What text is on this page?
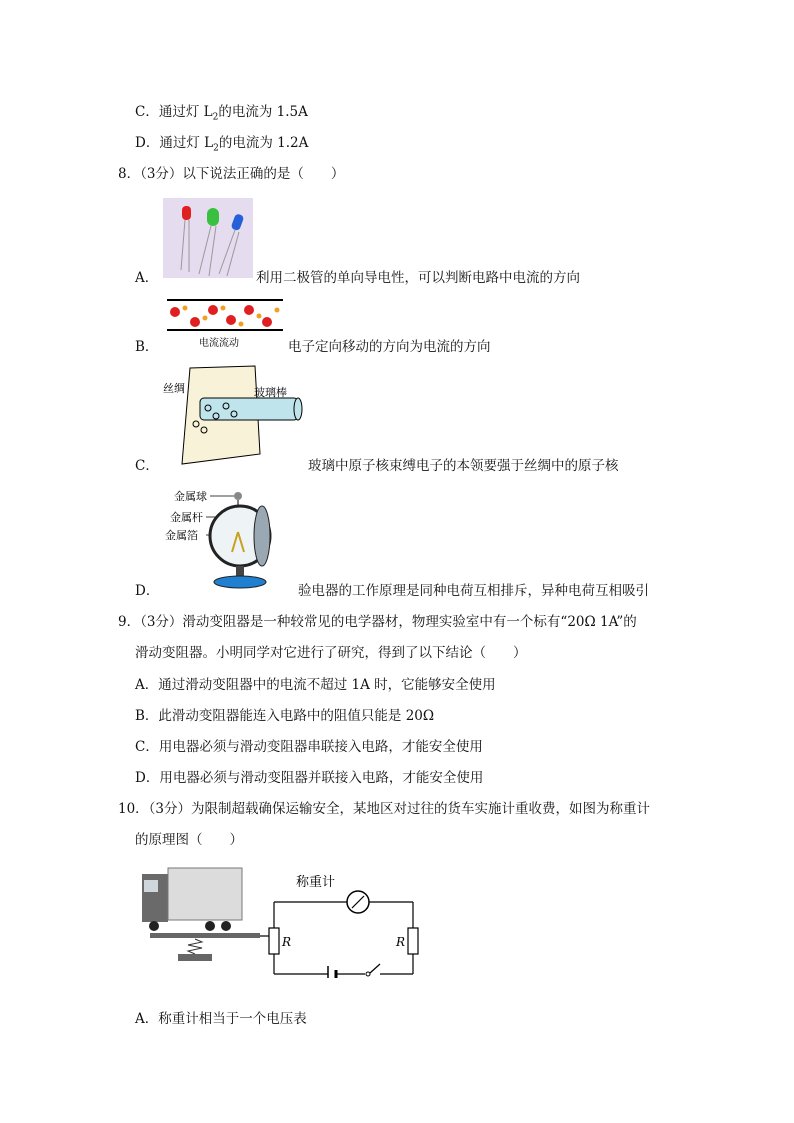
C．通过灯 $L_2$的电流为 1.5A
D．通过灯 $L_2$的电流为 1.2A
8．（3分）以下说法正确的是（　　）
A．	利用二极管的单向导电性，可以判断电路中电流的方向
B．	电流流动	电子定向移动的方向为电流的方向
C．
丝绸	玻璃棒
玻璃中原子核束缚电子的本领要强于丝绸中的原子核
D．
金属球
金属杆
金属箔
验电器的工作原理是同种电荷互相排斥，异种电荷互相吸引
9．（3分）滑动变阻器是一种较常见的电学器材，物理实验室中有一个标有“20Ω 1A”的
滑动变阻器。小明同学对它进行了研究，得到了以下结论（　　）
A．通过滑动变阻器中的电流不超过 1A 时，它能够安全使用
B．此滑动变阻器能连入电路中的阻值只能是 20Ω
C．用电器必须与滑动变阻器串联接入电路，才能安全使用
D．用电器必须与滑动变阻器并联接入电路，才能安全使用
10．（3分）为限制超载确保运输安全，某地区对过往的货车实施计重收费，如图为称重计
的原理图（　　）
称重计
R	R
A．称重计相当于一个电压表
